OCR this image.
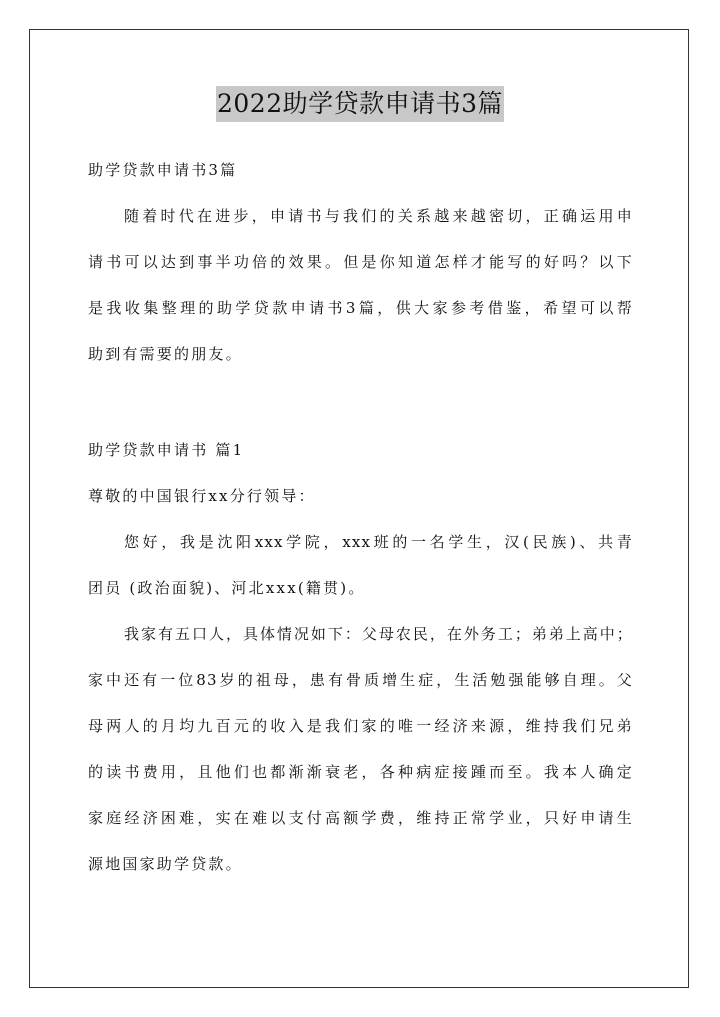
2022助学贷款申请书3篇
助学贷款申请书3篇
随着时代在进步，申请书与我们的关系越来越密切，正确运用申
请书可以达到事半功倍的效果。但是你知道怎样才能写的好吗？以下
是我收集整理的助学贷款申请书3篇，供大家参考借鉴，希望可以帮
助到有需要的朋友。
助学贷款申请书 篇1
尊敬的中国银行xx分行领导：
您好，我是沈阳xxx学院，xxx班的一名学生，汉(民族)、共青
团员 (政治面貌)、河北xxx(籍贯)。
我家有五口人，具体情况如下：父母农民，在外务工；弟弟上高中；
家中还有一位83岁的祖母，患有骨质增生症，生活勉强能够自理。父
母两人的月均九百元的收入是我们家的唯一经济来源，维持我们兄弟
的读书费用，且他们也都渐渐衰老，各种病症接踵而至。我本人确定
家庭经济困难，实在难以支付高额学费，维持正常学业，只好申请生
源地国家助学贷款。
